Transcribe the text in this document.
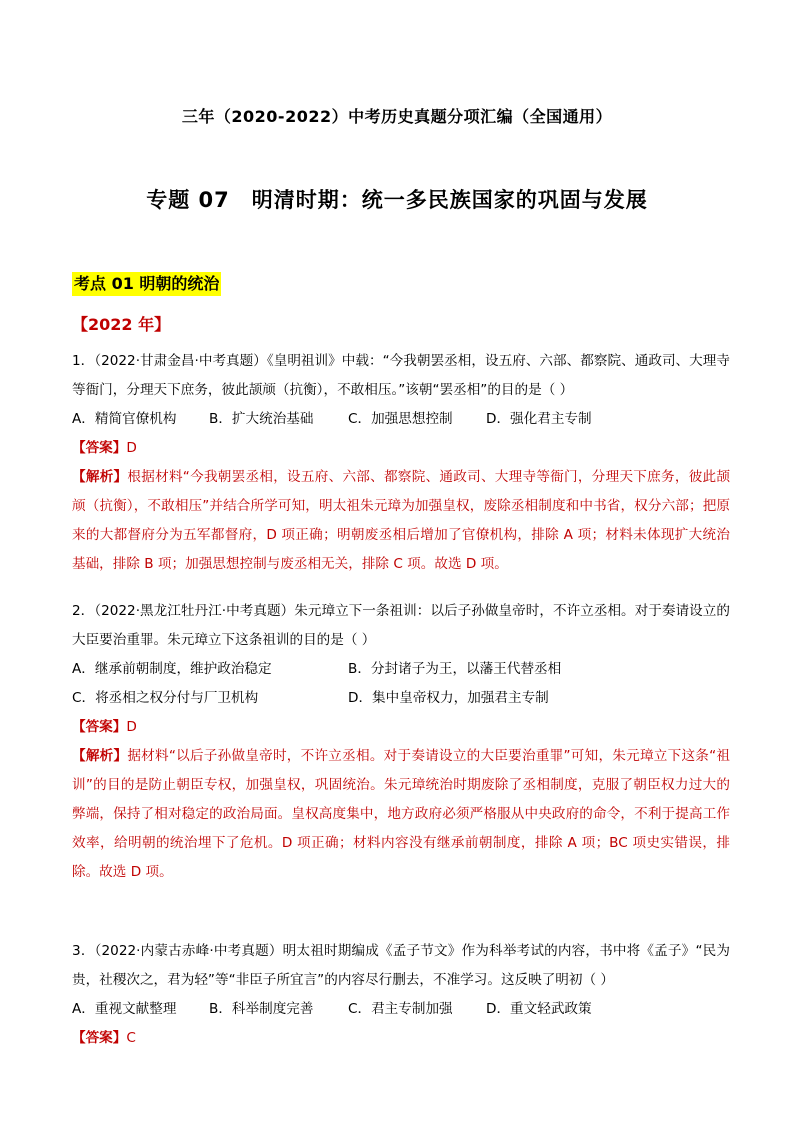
三年（2020-2022）中考历史真题分项汇编（全国通用）
专题 07　明清时期：统一多民族国家的巩固与发展
考点 01 明朝的统治
【2022 年】

1．（2022·甘肃金昌·中考真题）《皇明祖训》中载：“今我朝罢丞相，设五府、六部、都察院、通政司、大理寺等衙门，分理天下庶务，彼此颉颃（抗衡），不敢相压。”该朝“罢丞相”的目的是（ ）

A．精简官僚机构 B．扩大统治基础	C．加强思想控制 D．强化君主专制

【答案】D

【解析】根据材料“今我朝罢丞相，设五府、六部、都察院、通政司、大理寺等衙门，分理天下庶务，彼此颉颃（抗衡），不敢相压”并结合所学可知，明太祖朱元璋为加强皇权，废除丞相制度和中书省，权分六部；把原来的大都督府分为五军都督府，D 项正确；明朝废丞相后增加了官僚机构，排除 A 项；材料未体现扩大统治基础，排除 B 项；加强思想控制与废丞相无关，排除 C 项。故选 D 项。

2．（2022·黑龙江牡丹江·中考真题）朱元璋立下一条祖训：以后子孙做皇帝时，不许立丞相。对于奏请设立的大臣要治重罪。朱元璋立下这条祖训的目的是（ ）

A．继承前朝制度，维护政治稳定	B．分封诸子为王，以藩王代替丞相
C．将丞相之权分付与厂卫机构	D．集中皇帝权力，加强君主专制

【答案】D

【解析】据材料“以后子孙做皇帝时，不许立丞相。对于奏请设立的大臣要治重罪”可知，朱元璋立下这条“祖训”的目的是防止朝臣专权，加强皇权，巩固统治。朱元璋统治时期废除了丞相制度，克服了朝臣权力过大的弊端，保持了相对稳定的政治局面。皇权高度集中，地方政府必须严格服从中央政府的命令，不利于提高工作效率，给明朝的统治埋下了危机。D 项正确；材料内容没有继承前朝制度，排除 A 项；BC 项史实错误，排除。故选 D 项。

3．（2022·内蒙古赤峰·中考真题）明太祖时期编成《孟子节文》作为科举考试的内容，书中将《孟子》“民为贵，社稷次之，君为轻”等“非臣子所宜言”的内容尽行删去，不准学习。这反映了明初（ ）

A．重视文献整理 B．科举制度完善	C．君主专制加强 D．重文轻武政策

【答案】C
